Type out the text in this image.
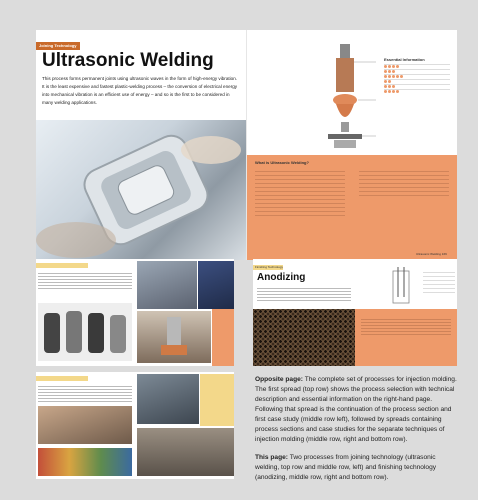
Joining Technology
Ultrasonic Welding
This process forms permanent joints using ultrasonic waves in the form of high-energy vibration. It is the least expensive and fastest plastic-welding process – the conversion of electrical energy into mechanical vibration is an efficient use of energy – and so is the first to be considered in many welding applications.
Essential Information
What is Ultrasonic Welding?
Ultrasonic Welding 169
Finishing Technology
Anodizing
Opposite page: The complete set of processes for injection molding. The first spread (top row) shows the process selection with technical description and essential information on the right-hand page. Following that spread is the continuation of the process section and first case study (middle row left), followed by spreads containing process sections and case studies for the separate techniques of injection molding (middle row, right and bottom row).
This page: Two processes from joining technology (ultrasonic welding, top row and middle row, left) and finishing technology (anodizing, middle row, right and bottom row).
